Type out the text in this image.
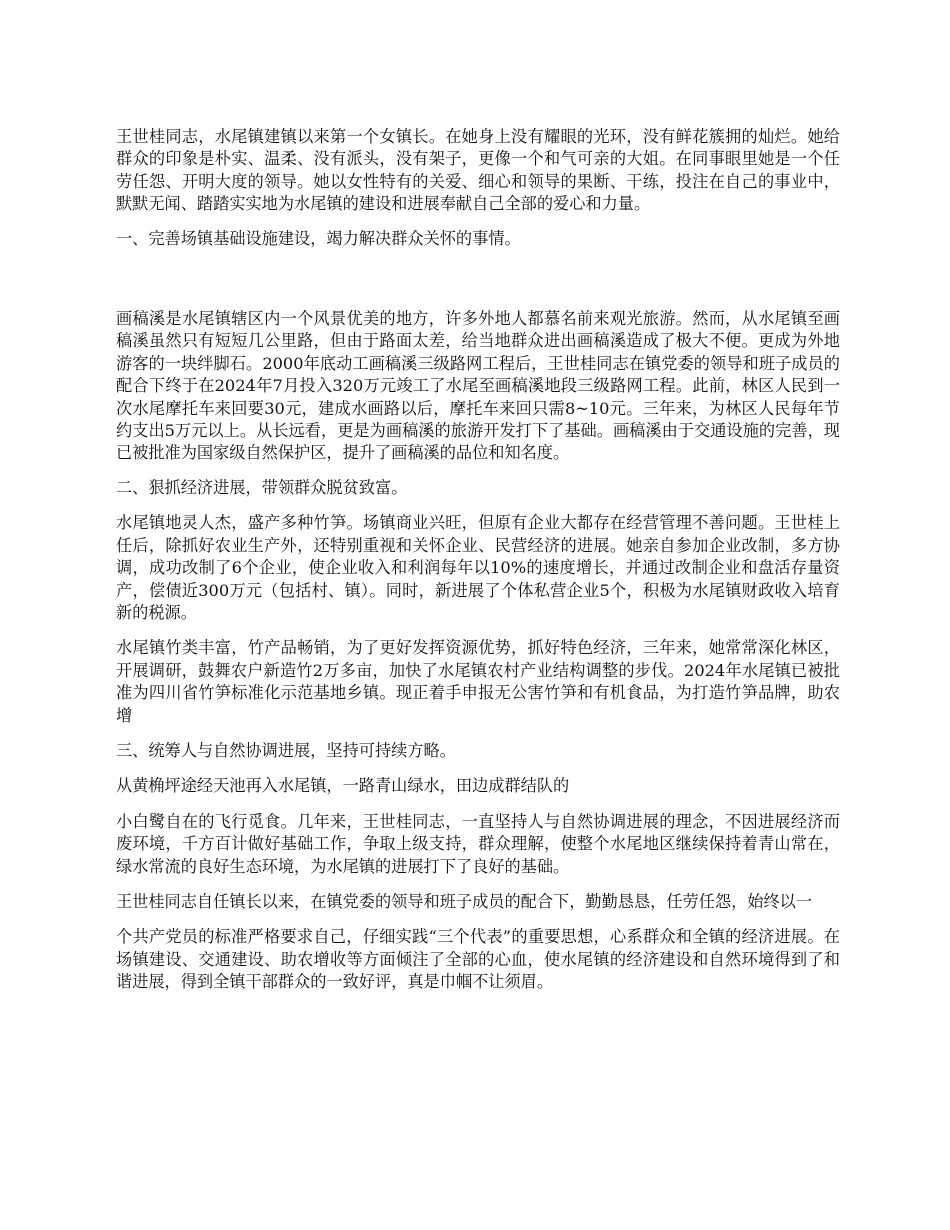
王世桂同志，水尾镇建镇以来第一个女镇长。在她身上没有耀眼的光环，没有鲜花簇拥的灿烂。她给群众的印象是朴实、温柔、没有派头，没有架子，更像一个和气可亲的大姐。在同事眼里她是一个任劳任怨、开明大度的领导。她以女性特有的关爱、细心和领导的果断、干练，投注在自己的事业中，默默无闻、踏踏实实地为水尾镇的建设和进展奉献自己全部的爱心和力量。

一、完善场镇基础设施建设，竭力解决群众关怀的事情。

画稿溪是水尾镇辖区内一个风景优美的地方，许多外地人都慕名前来观光旅游。然而，从水尾镇至画稿溪虽然只有短短几公里路，但由于路面太差，给当地群众进出画稿溪造成了极大不便。更成为外地游客的一块绊脚石。2000年底动工画稿溪三级路网工程后，王世桂同志在镇党委的领导和班子成员的配合下终于在2024年7月投入320万元竣工了水尾至画稿溪地段三级路网工程。此前，林区人民到一次水尾摩托车来回要30元，建成水画路以后，摩托车来回只需8~10元。三年来，为林区人民每年节约支出5万元以上。从长远看，更是为画稿溪的旅游开发打下了基础。画稿溪由于交通设施的完善，现已被批准为国家级自然保护区，提升了画稿溪的品位和知名度。

二、狠抓经济进展，带领群众脱贫致富。

水尾镇地灵人杰，盛产多种竹笋。场镇商业兴旺，但原有企业大都存在经营管理不善问题。王世桂上任后，除抓好农业生产外，还特别重视和关怀企业、民营经济的进展。她亲自参加企业改制，多方协调，成功改制了6个企业，使企业收入和利润每年以10%的速度增长，并通过改制企业和盘活存量资产，偿债近300万元（包括村、镇）。同时，新进展了个体私营企业5个，积极为水尾镇财政收入培育新的税源。

水尾镇竹类丰富，竹产品畅销，为了更好发挥资源优势，抓好特色经济，三年来，她常常深化林区，开展调研，鼓舞农户新造竹2万多亩，加快了水尾镇农村产业结构调整的步伐。2024年水尾镇已被批准为四川省竹笋标准化示范基地乡镇。现正着手申报无公害竹笋和有机食品，为打造竹笋品牌，助农增

三、统筹人与自然协调进展，坚持可持续方略。

从黄桷坪途经天池再入水尾镇，一路青山绿水，田边成群结队的

小白鹭自在的飞行觅食。几年来，王世桂同志，一直坚持人与自然协调进展的理念，不因进展经济而废环境，千方百计做好基础工作，争取上级支持，群众理解，使整个水尾地区继续保持着青山常在，绿水常流的良好生态环境，为水尾镇的进展打下了良好的基础。

王世桂同志自任镇长以来，在镇党委的领导和班子成员的配合下，勤勤恳恳，任劳任怨，始终以一

个共产党员的标准严格要求自己，仔细实践“三个代表”的重要思想，心系群众和全镇的经济进展。在场镇建设、交通建设、助农增收等方面倾注了全部的心血，使水尾镇的经济建设和自然环境得到了和谐进展，得到全镇干部群众的一致好评，真是巾帼不让须眉。
